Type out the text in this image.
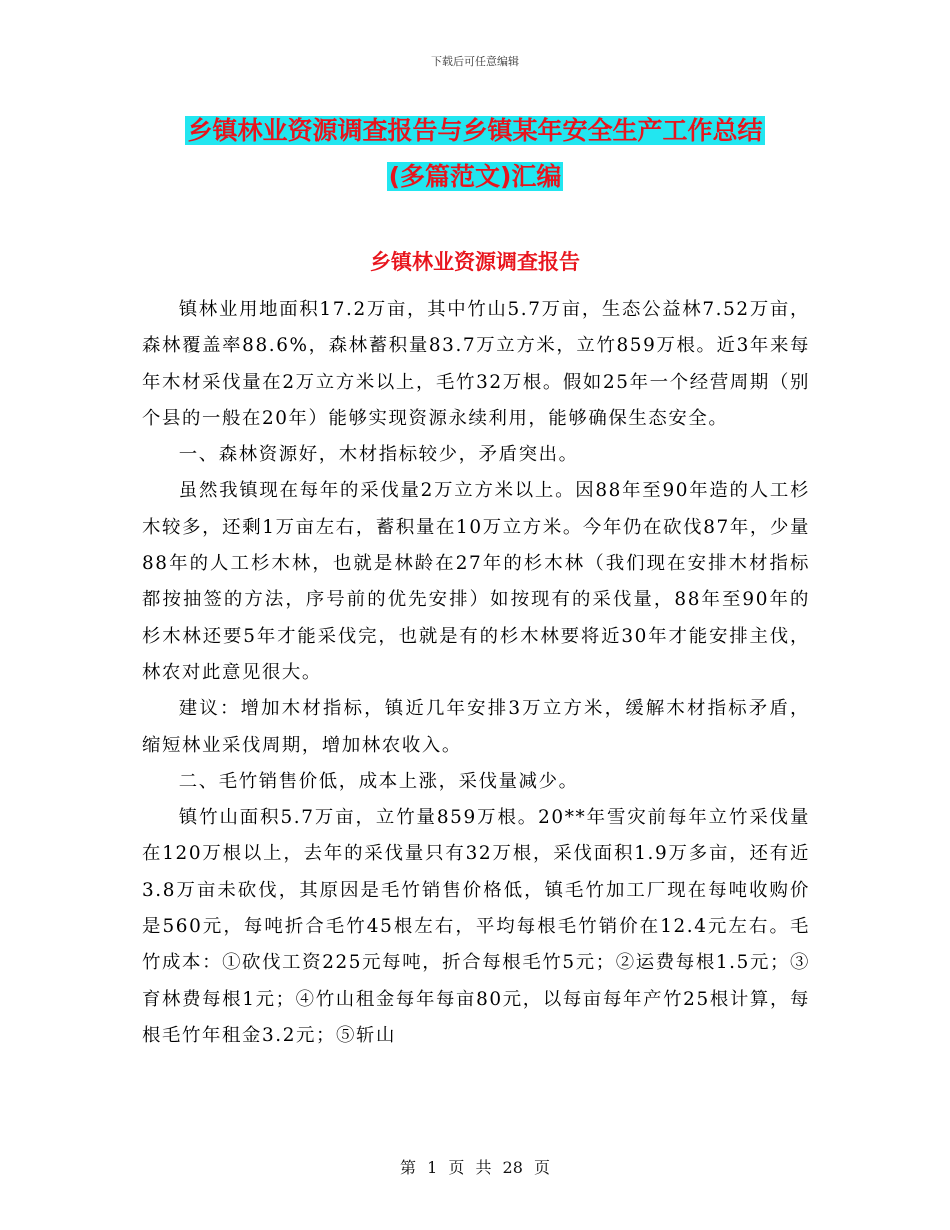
下载后可任意编辑
乡镇林业资源调查报告与乡镇某年安全生产工作总结
(多篇范文)汇编
乡镇林业资源调查报告

镇林业用地面积17.2万亩，其中竹山5.7万亩，生态公益林7.52万亩，森林覆盖率88.6%，森林蓄积量83.7万立方米，立竹859万根。近3年来每年木材采伐量在2万立方米以上，毛竹32万根。假如25年一个经营周期（别个县的一般在20年）能够实现资源永续利用，能够确保生态安全。

一、森林资源好，木材指标较少，矛盾突出。

虽然我镇现在每年的采伐量2万立方米以上。因88年至90年造的人工杉木较多，还剩1万亩左右，蓄积量在10万立方米。今年仍在砍伐87年，少量88年的人工杉木林，也就是林龄在27年的杉木林（我们现在安排木材指标都按抽签的方法，序号前的优先安排）如按现有的采伐量，88年至90年的杉木林还要5年才能采伐完，也就是有的杉木林要将近30年才能安排主伐，林农对此意见很大。

建议：增加木材指标，镇近几年安排3万立方米，缓解木材指标矛盾，缩短林业采伐周期，增加林农收入。

二、毛竹销售价低，成本上涨，采伐量减少。

镇竹山面积5.7万亩，立竹量859万根。20**年雪灾前每年立竹采伐量在120万根以上，去年的采伐量只有32万根，采伐面积1.9万多亩，还有近3.8万亩未砍伐，其原因是毛竹销售价格低，镇毛竹加工厂现在每吨收购价是560元，每吨折合毛竹45根左右，平均每根毛竹销价在12.4元左右。毛竹成本：①砍伐工资225元每吨，折合每根毛竹5元；②运费每根1.5元；③育林费每根1元；④竹山租金每年每亩80元，以每亩每年产竹25根计算，每根毛竹年租金3.2元；⑤斩山

第 1 页 共 28 页
